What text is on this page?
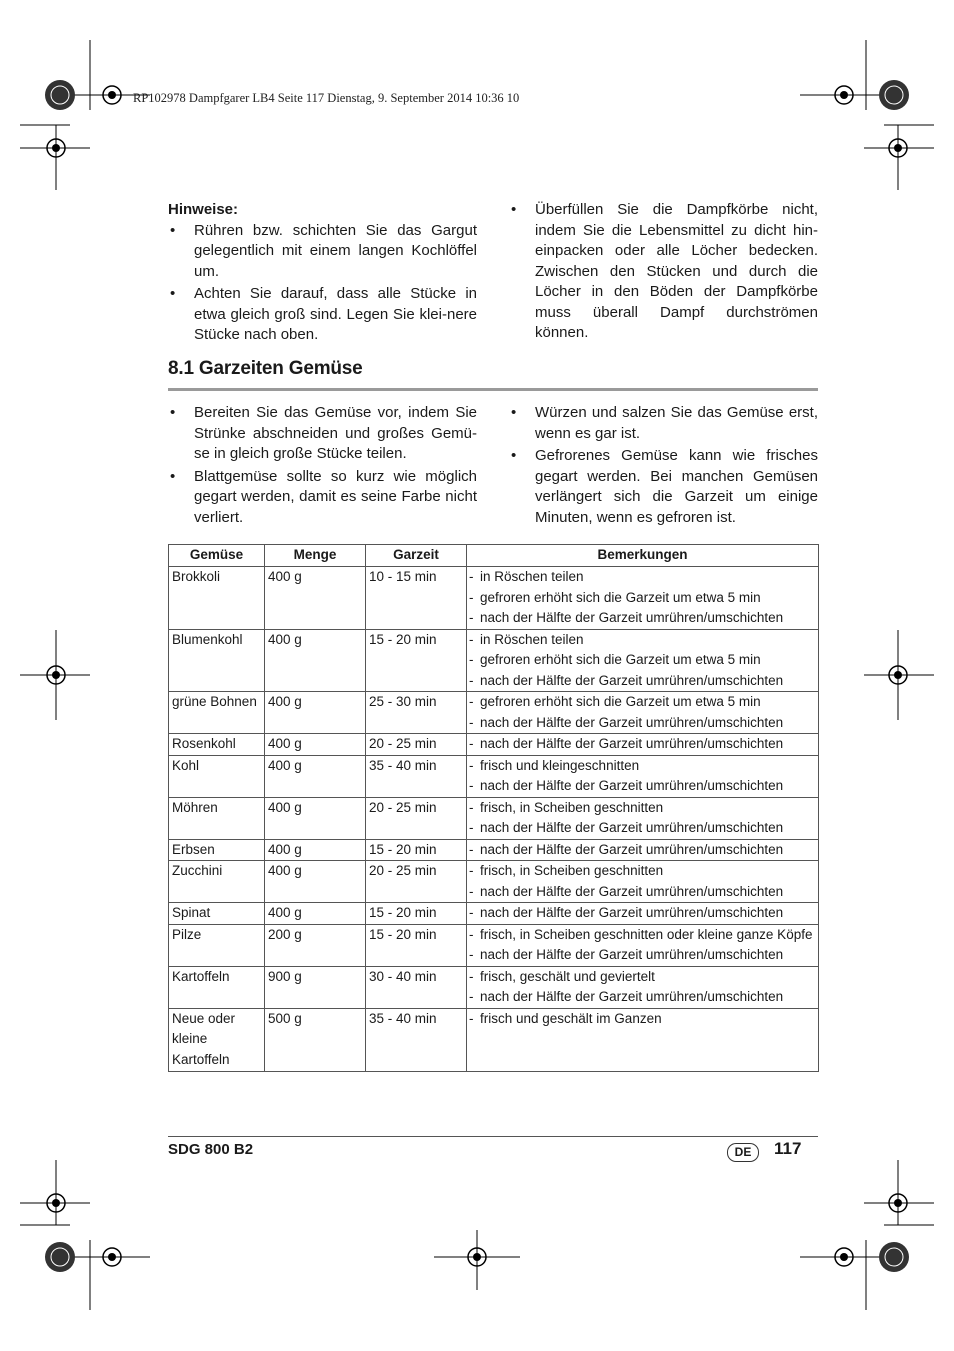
RP102978 Dampfgarer LB4 Seite 117 Dienstag, 9. September 2014 10:36 10
Hinweise:
• Rühren bzw. schichten Sie das Gargut gelegentlich mit einem langen Kochlöffel um.
• Achten Sie darauf, dass alle Stücke in etwa gleich groß sind. Legen Sie klei-nere Stücke nach oben.
• Überfüllen Sie die Dampfkörbe nicht, indem Sie die Lebensmittel zu dicht hin-einpacken oder alle Löcher bedecken. Zwischen den Stücken und durch die Löcher in den Böden der Dampfkörbe muss überall Dampf durchströmen können.
8.1 Garzeiten Gemüse
• Bereiten Sie das Gemüse vor, indem Sie Strünke abschneiden und großes Gemü-se in gleich große Stücke teilen.
• Blattgemüse sollte so kurz wie möglich gegart werden, damit es seine Farbe nicht verliert.
• Würzen und salzen Sie das Gemüse erst, wenn es gar ist.
• Gefrorenes Gemüse kann wie frisches gegart werden. Bei manchen Gemüsen verlängert sich die Garzeit um einige Minuten, wenn es gefroren ist.
Gemüse	Menge	Garzeit	Bemerkungen
Brokkoli	400 g	10 - 15 min	- in Röschen teilen
- gefroren erhöht sich die Garzeit um etwa 5 min
- nach der Hälfte der Garzeit umrühren/umschichten

Blumenkohl	400 g	15 - 20 min	- in Röschen teilen
- gefroren erhöht sich die Garzeit um etwa 5 min
- nach der Hälfte der Garzeit umrühren/umschichten

grüne Bohnen	400 g	25 - 30 min	- gefroren erhöht sich die Garzeit um etwa 5 min
- nach der Hälfte der Garzeit umrühren/umschichten

Rosenkohl	400 g	20 - 25 min	- nach der Hälfte der Garzeit umrühren/umschichten

Kohl	400 g	35 - 40 min	- frisch und kleingeschnitten
- nach der Hälfte der Garzeit umrühren/umschichten

Möhren	400 g	20 - 25 min	- frisch, in Scheiben geschnitten
- nach der Hälfte der Garzeit umrühren/umschichten

Erbsen	400 g	15 - 20 min	- nach der Hälfte der Garzeit umrühren/umschichten

Zucchini	400 g	20 - 25 min	- frisch, in Scheiben geschnitten
- nach der Hälfte der Garzeit umrühren/umschichten

Spinat	400 g	15 - 20 min	- nach der Hälfte der Garzeit umrühren/umschichten

Pilze	200 g	15 - 20 min	- frisch, in Scheiben geschnitten oder kleine ganze Köpfe
- nach der Hälfte der Garzeit umrühren/umschichten

Kartoffeln	900 g	30 - 40 min	- frisch, geschält und geviertelt
- nach der Hälfte der Garzeit umrühren/umschichten

Neue oder kleine Kartoffeln	500 g	35 - 40 min	- frisch und geschält im Ganzen
SDG 800 B2	DE	117
